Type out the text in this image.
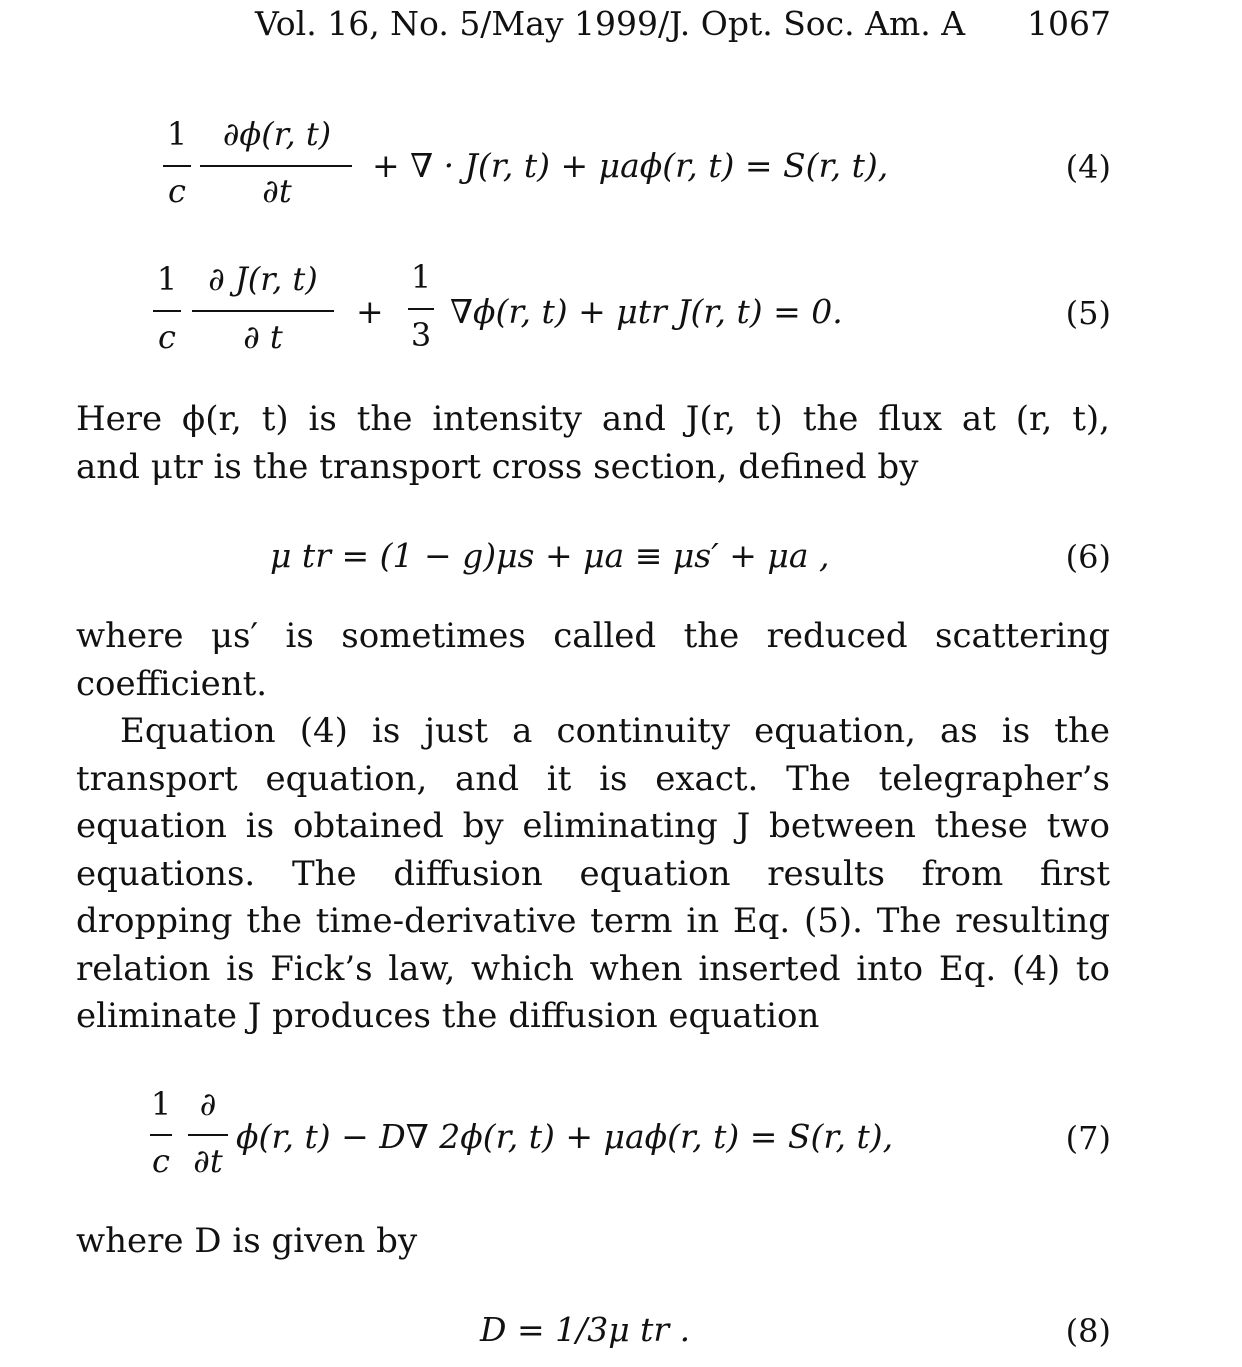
Vol. 16, No. 5/May 1999/J. Opt. Soc. Am. A 1067
1
c
∂ϕ(r, t)
∂t
+ ∇ · J(r, t) + μaϕ(r, t) = S(r, t),	(4)
1
c
∂ J(r, t)
∂ t
+
1
3
∇ϕ(r, t) + μtr J(r, t) = 0.	(5)

Here ϕ(r, t) is the intensity and J(r, t) the flux at (r, t),

and μtr is the transport cross section, defined by

μ tr = (1 − g)μs + μa ≡ μs′ + μa ,	(6)

where μs′ is sometimes called the reduced scattering coefficient.

Equation (4) is just a continuity equation, as is the transport equation, and it is exact. The telegrapher’s equation is obtained by eliminating J between these two equations. The diffusion equation results from first dropping the time-derivative term in Eq. (5). The resulting relation is Fick’s law, which when inserted into Eq. (4) to eliminate J produces the diffusion equation

1
c
∂
∂t
ϕ(r, t) − D∇ 2ϕ(r, t) + μaϕ(r, t) = S(r, t),	(7)

where D is given by

D = 1/3μ tr .	(8)
